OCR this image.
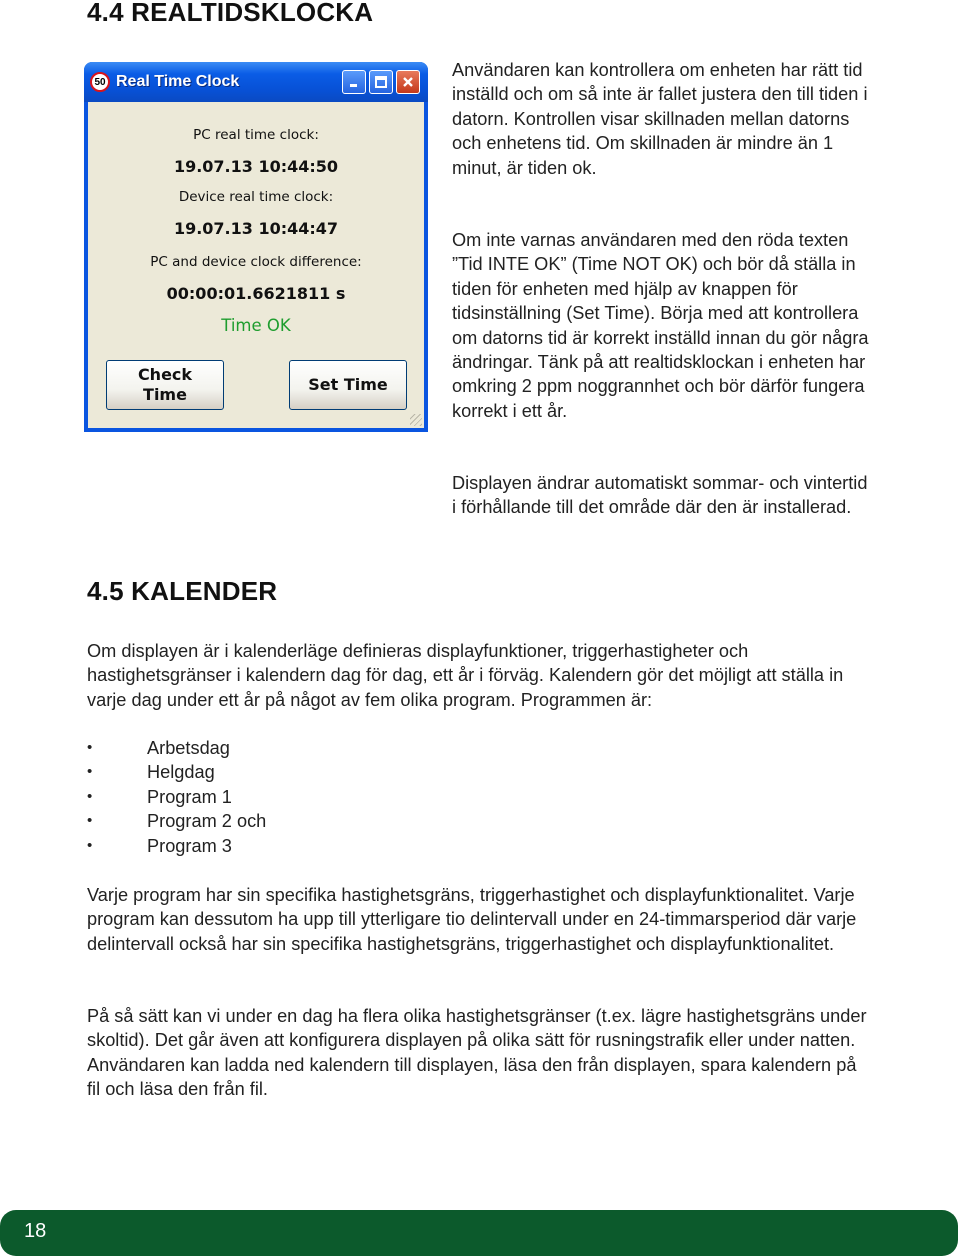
4.4 REALTIDSKLOCKA
50 Real Time Clock
PC real time clock:
19.07.13 10:44:50
Device real time clock:
19.07.13 10:44:47
PC and device clock difference:
00:00:01.6621811 s
Time OK
Check
Time
Set Time

Användaren kan kontrollera om enheten har rätt tid inställd och om så inte är fallet justera den till tiden i datorn. Kontrollen visar skillnaden mellan datorns och enhetens tid. Om skillnaden är mindre än 1 minut, är tiden ok.

Om inte varnas användaren med den röda texten ”Tid INTE OK” (Time NOT OK) och bör då ställa in tiden för enheten med hjälp av knappen för tidsinställning (Set Time). Börja med att kontrollera om datorns tid är korrekt inställd innan du gör några ändringar. Tänk på att realtidsklockan i enheten har omkring 2 ppm noggrannhet och bör därför fungera korrekt i ett år.

Displayen ändrar automatiskt sommar- och vintertid i förhållande till det område där den är installerad.

4.5 KALENDER

Om displayen är i kalenderläge definieras displayfunktioner, triggerhastigheter och hastighetsgränser i kalendern dag för dag, ett år i förväg. Kalendern gör det möjligt att ställa in varje dag under ett år på något av fem olika program. Programmen är:

• Arbetsdag
• Helgdag
• Program 1
• Program 2 och
• Program 3

Varje program har sin specifika hastighetsgräns, triggerhastighet och displayfunktionalitet. Varje program kan dessutom ha upp till ytterligare tio delintervall under en 24-timmarsperiod där varje delintervall också har sin specifika hastighetsgräns, triggerhastighet och displayfunktionalitet.

På så sätt kan vi under en dag ha flera olika hastighetsgränser (t.ex. lägre hastighetsgräns under skoltid). Det går även att konfigurera displayen på olika sätt för rusningstrafik eller under natten. Användaren kan ladda ned kalendern till displayen, läsa den från displayen, spara kalendern på fil och läsa den från fil.

18
